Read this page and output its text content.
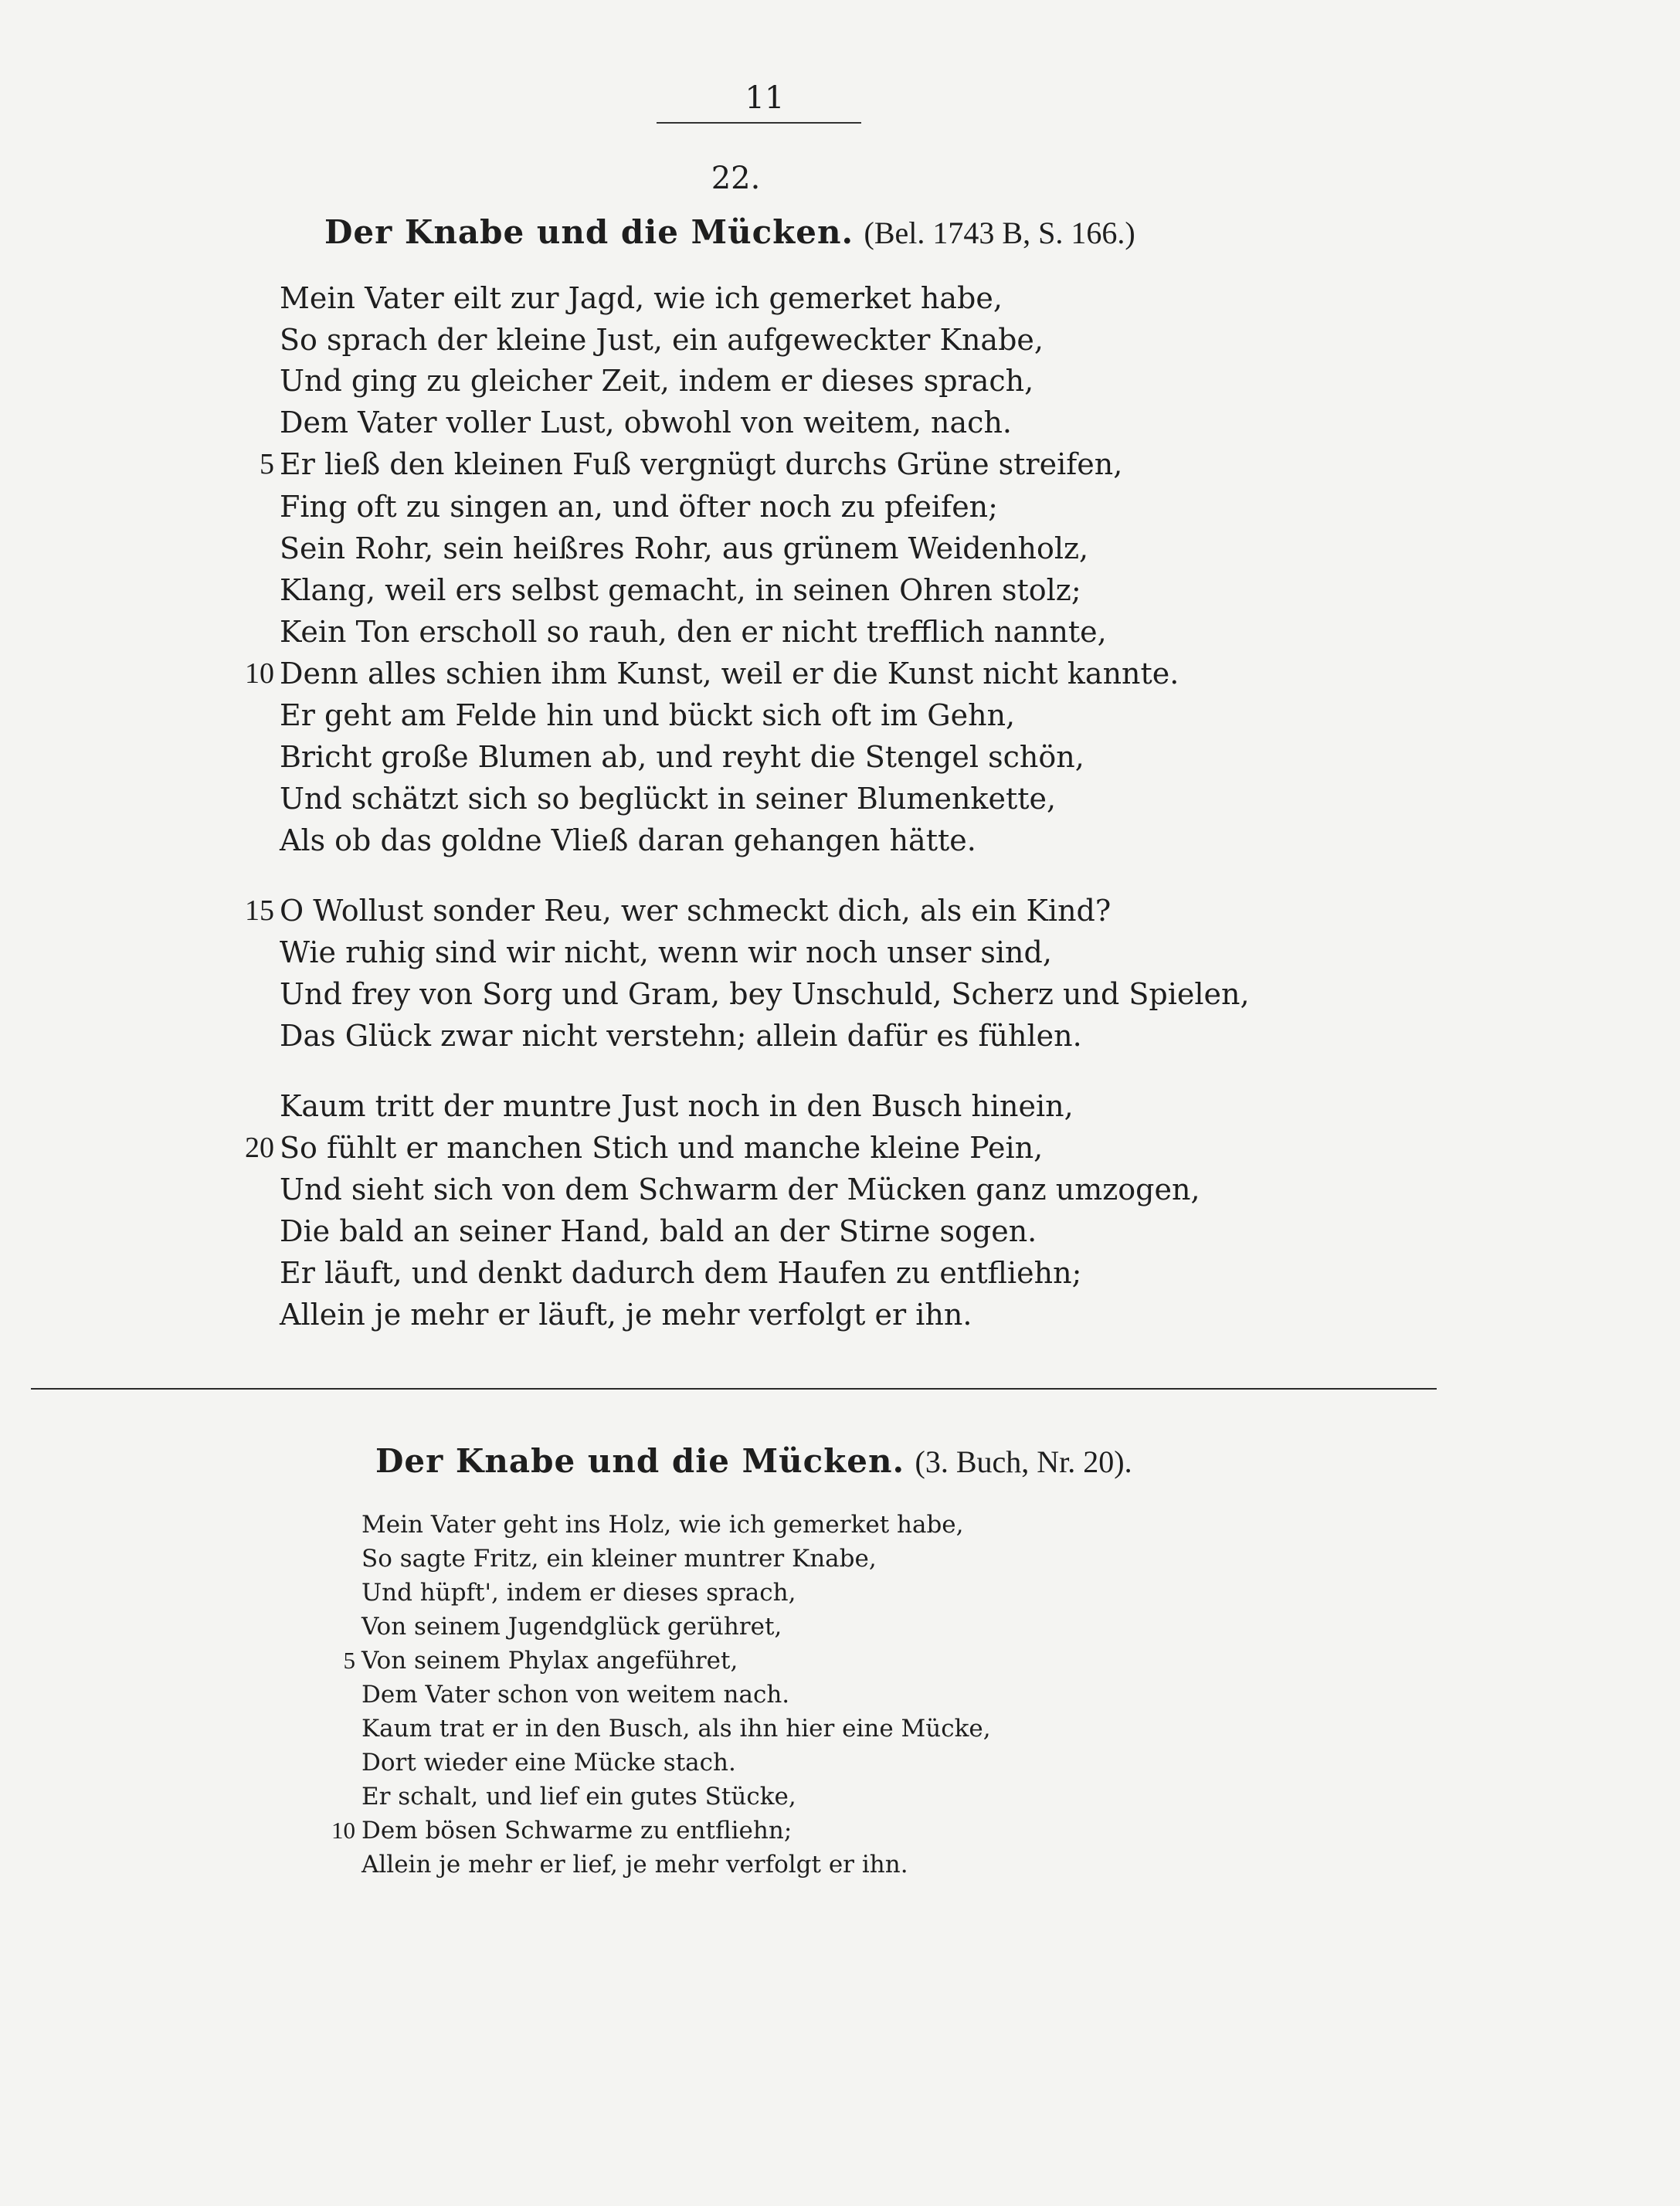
11
22.
Der Knabe und die Mücken. (Bel. 1743 B, S. 166.)
Mein Vater eilt zur Jagd, wie ich gemerket habe,
So sprach der kleine Just, ein aufgeweckter Knabe,
Und ging zu gleicher Zeit, indem er dieses sprach,
Dem Vater voller Lust, obwohl von weitem, nach.
Er ließ den kleinen Fuß vergnügt durchs Grüne streifen,
5
Fing oft zu singen an, und öfter noch zu pfeifen;
Sein Rohr, sein heißres Rohr, aus grünem Weidenholz,
Klang, weil ers selbst gemacht, in seinen Ohren stolz;
Kein Ton erscholl so rauh, den er nicht trefflich nannte,
Denn alles schien ihm Kunst, weil er die Kunst nicht kannte.
10
Er geht am Felde hin und bückt sich oft im Gehn,
Bricht große Blumen ab, und reyht die Stengel schön,
Und schätzt sich so beglückt in seiner Blumenkette,
Als ob das goldne Vließ daran gehangen hätte.
O Wollust sonder Reu, wer schmeckt dich, als ein Kind?
15
Wie ruhig sind wir nicht, wenn wir noch unser sind,
Und frey von Sorg und Gram, bey Unschuld, Scherz und Spielen,
Das Glück zwar nicht verstehn; allein dafür es fühlen.
Kaum tritt der muntre Just noch in den Busch hinein,
So fühlt er manchen Stich und manche kleine Pein,
20
Und sieht sich von dem Schwarm der Mücken ganz umzogen,
Die bald an seiner Hand, bald an der Stirne sogen.
Er läuft, und denkt dadurch dem Haufen zu entfliehn;
Allein je mehr er läuft, je mehr verfolgt er ihn.
Der Knabe und die Mücken. (3. Buch, Nr. 20).
Mein Vater geht ins Holz, wie ich gemerket habe,
So sagte Fritz, ein kleiner muntrer Knabe,
Und hüpft', indem er dieses sprach,
Von seinem Jugendglück gerühret,
Von seinem Phylax angeführet,
5
Dem Vater schon von weitem nach.
Kaum trat er in den Busch, als ihn hier eine Mücke,
Dort wieder eine Mücke stach.
Er schalt, und lief ein gutes Stücke,
Dem bösen Schwarme zu entfliehn;
10
Allein je mehr er lief, je mehr verfolgt er ihn.
